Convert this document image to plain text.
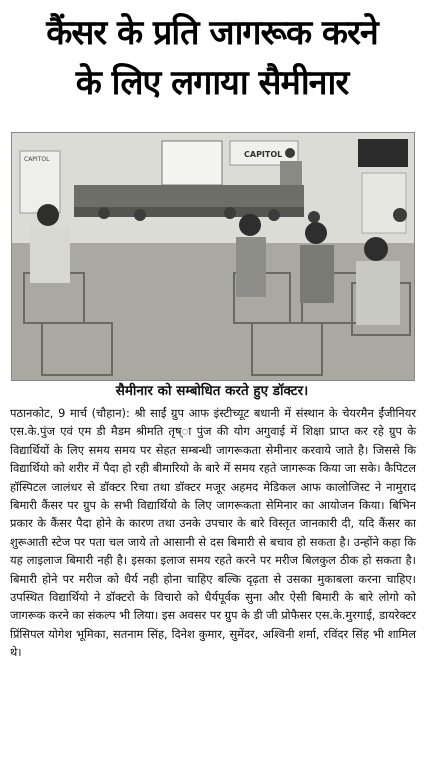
कैंसर के प्रति जागरूक करने
के लिए लगाया सैमीनार
CAPITOL
CAPITOL
सैमीनार को सम्बोधित करते हुए डॉक्टर।
पठानकोट, 9 मार्च (चौहान): श्री साईं ग्रुप आफ इंस्टीच्यूट बधानी में संस्थान के चेयरमैन ईंजीनियर एस.के.पुंज एवं एम डी मैडम श्रीमति तृष्ा पुंज की योग अगुवाई में शिक्षा प्राप्त कर रहे ग्रुप के विद्यार्थियों के लिए समय समय पर सेहत सम्बन्धी जागरूकता सेमीनार करवाये जाते है। जिससे कि विद्यार्थियो को शरीर में पैदा हो रही बीमारियो के बारे में समय रहते जागरूक किया जा सके। कैपिटल हॉस्पिटल जालंधर से डॉक्टर रिचा तथा डॉक्टर मजूर अहमद मेडिकल आफ कालोजिस्ट ने नामुराद बिमारी कैंसर पर ग्रुप के सभी विद्यार्थियो के लिए जागरूकता सेमिनार का आयोजन किया। बिभिन प्रकार के कैंसर पैदा होने के कारण तथा उनके उपचार के बारे विस्तृत जानकारी दी, यदि कैंसर का शुरूआती स्टेज पर पता चल जाये तो आसानी से दस बिमारी से बचाव हो सकता है। उन्होंने कहा कि यह लाइलाज बिमारी नही है। इसका इलाज समय रहते करने पर मरीज बिलकुल ठीक हो सकता है। बिमारी होने पर मरीज को धैर्य नही होना चाहिए बल्कि दृढ़ता से उसका मुकाबला करना चाहिए। उपस्थित विद्यार्थियो ने डॉक्टरो के विचारो को धैर्यपूर्वक सुना और ऐसी बिमारी के बारे लोगो को जागरूक करने का संकल्प भी लिया। इस अवसर पर ग्रुप के डी जी प्रोफैसर एस.के.मुरगाई, डायरेक्टर प्रिंसिपल योगेश भूमिका, सतनाम सिंह, दिनेश कुमार, सुमेंदर, अश्विनी शर्मा, रविंदर सिंह भी शामिल थे।
